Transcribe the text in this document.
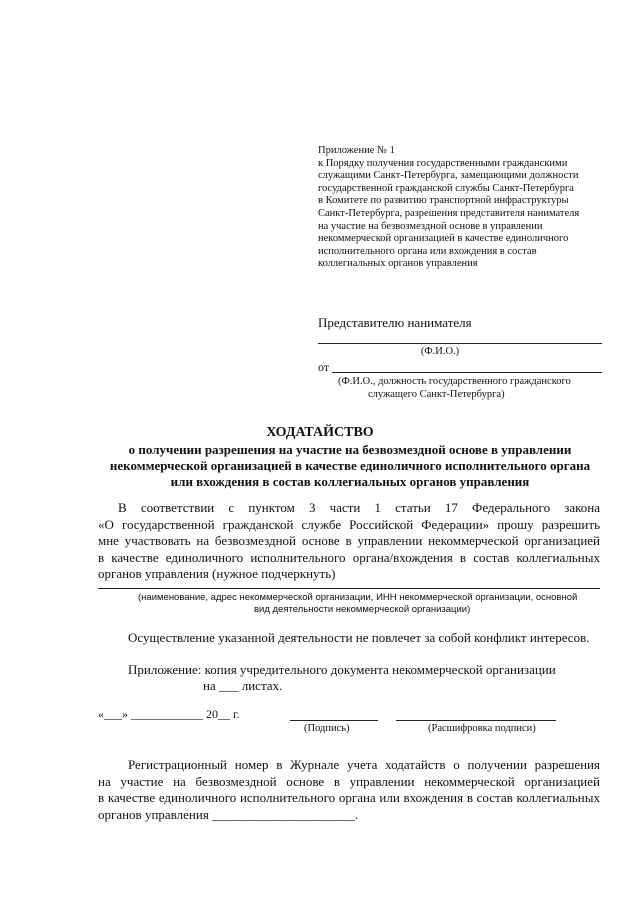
Приложение № 1
к Порядку получения государственными гражданскими
служащими Санкт-Петербурга, замещающими должности
государственной гражданской службы Санкт-Петербурга
в Комитете по развитию транспортной инфраструктуры
Санкт-Петербурга, разрешения представителя нанимателя
на участие на безвозмездной основе в управлении
некоммерческой организацией в качестве единоличного
исполнительного органа или вхождения в состав
коллегиальных органов управления
Представителю нанимателя
(Ф.И.О.)
от
(Ф.И.О., должность государственного гражданского
служащего Санкт-Петербурга)
ХОДАТАЙСТВО
о получении разрешения на участие на безвозмездной основе в управлении
некоммерческой организацией в качестве единоличного исполнительного органа
или вхождения в состав коллегиальных органов управления
В соответствии с пунктом 3 части 1 статьи 17 Федерального закона
«О государственной гражданской службе Российской Федерации» прошу разрешить
мне участвовать на безвозмездной основе в управлении некоммерческой организацией
в качестве единоличного исполнительного органа/вхождения в состав коллегиальных
органов управления (нужное подчеркнуть)
(наименование, адрес некоммерческой организации, ИНН некоммерческой организации, основной
вид деятельности некоммерческой организации)
Осуществление указанной деятельности не повлечет за собой конфликт интересов.
Приложение: копия учредительного документа некоммерческой организации
на ___ листах.
«___» ____________ 20__ г.
(Подпись)	(Расшифровка подписи)
Регистрационный номер в Журнале учета ходатайств о получении разрешения
на участие на безвозмездной основе в управлении некоммерческой организацией
в качестве единоличного исполнительного органа или вхождения в состав коллегиальных
органов управления ______________________.
